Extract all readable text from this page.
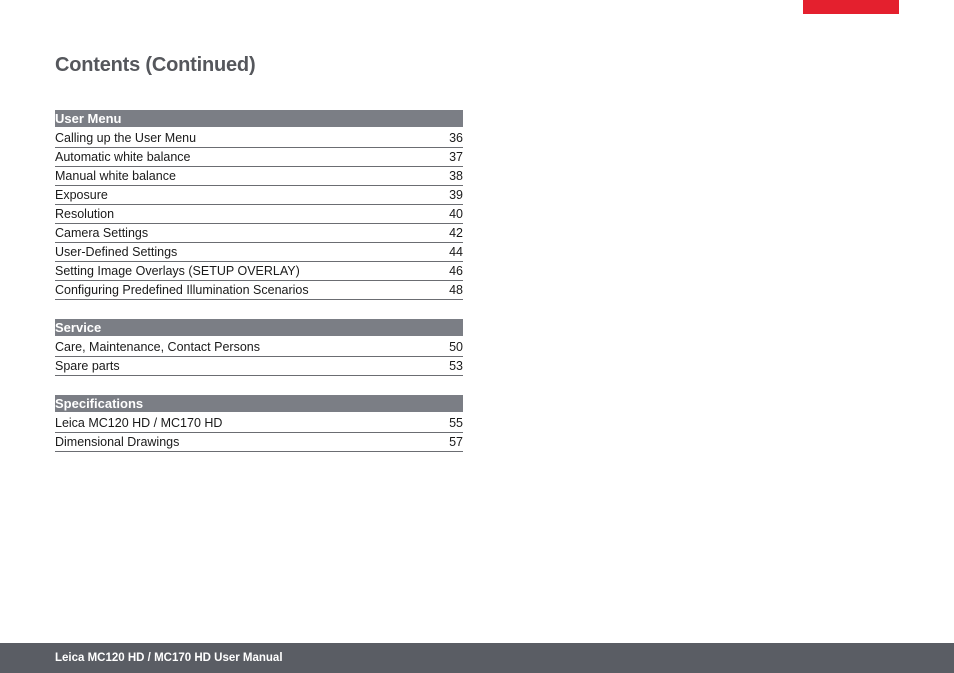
Contents (Continued)
User Menu
Calling up the User Menu	36
Automatic white balance	37
Manual white balance	38
Exposure	39
Resolution	40
Camera Settings	42
User-Defined Settings	44
Setting Image Overlays (SETUP OVERLAY)	46
Configuring Predefined Illumination Scenarios	48
Service
Care, Maintenance, Contact Persons	50
Spare parts	53
Specifications
Leica MC120 HD / MC170 HD	55
Dimensional Drawings	57
Leica MC120 HD / MC170 HD User Manual
